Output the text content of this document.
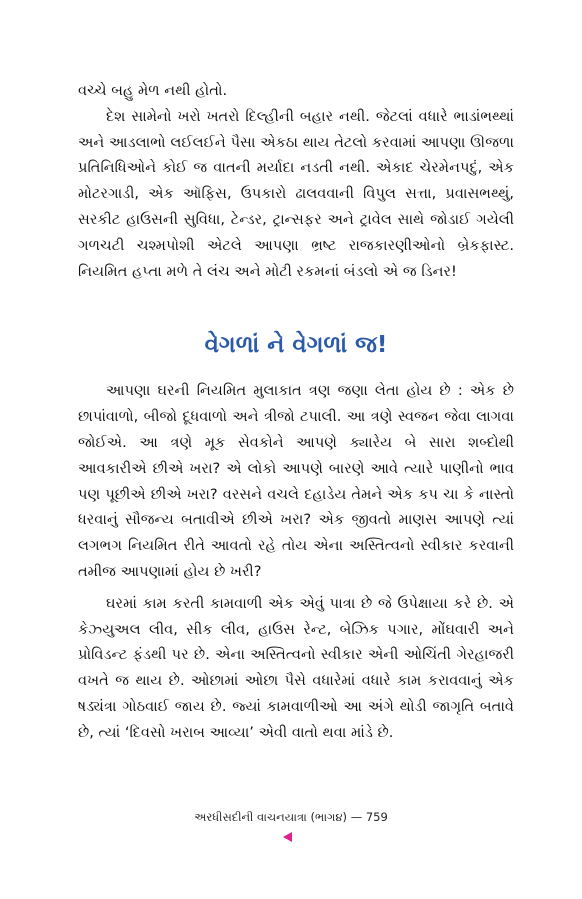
વચ્ચે બહુ મેળ નથી હોતો.

દેશ સામેનો ખરો ખતરો દિલ્હીની બહાર નથી. જેટલાં વધારે ભાડાંભથ્થાં અને આડલાભો લઈલઈને પૈસા એકઠા થાય તેટલો કરવામાં આપણા ઊજળા પ્રતિનિધિઓને કોઈ જ વાતની મર્યાદા નડતી નથી. એકાદ ચેરમેનપદું, એક મોટરગાડી, એક ઑફિસ, ઉપકારો ઢાલવવાની વિપુલ સત્તા, પ્રવાસભથ્થું, સરકીટ હાઉસની સુવિધા, ટેન્ડર, ટ્રાન્સફર અને ટ્રાવેલ સાથે જોડાઈ ગયેલી ગળચટી ચશ્મપોશી એટલે આપણા ભ્રષ્ટ રાજકારણીઓનો બ્રેકફાસ્ટ. નિયમિત હપ્તા મળે તે લંચ અને મોટી રકમનાં બંડલો એ જ ડિનર!

વેગળાં ને વેગળાં જ!

આપણા ઘરની નિયમિત મુલાકાત ત્રણ જણા લેતા હોય છે : એક છે છાપાંવાળો, બીજો દૂધવાળો અને ત્રીજો ટપાલી. આ ત્રણે સ્વજન જેવા લાગવા જોઈએ. આ ત્રણે મૂક સેવકોને આપણે ક્યારેય બે સારા શબ્દોથી આવકારીએ છીએ ખરા? એ લોકો આપણે બારણે આવે ત્યારે પાણીનો ભાવ પણ પૂછીએ છીએ ખરા? વરસને વચલે દહાડેય તેમને એક કપ ચા કે નાસ્તો ધરવાનું સૌજન્ય બતાવીએ છીએ ખરા? એક જીવતો માણસ આપણે ત્યાં લગભગ નિયમિત રીતે આવતો રહે તોય એના અસ્તિત્વનો સ્વીકાર કરવાની તમીજ આપણામાં હોય છે ખરી?

ઘરમાં કામ કરતી કામવાળી એક એવું પાત્રા છે જે ઉપેક્ષાયા કરે છે. એ કેઝ્યુઅલ લીવ, સીક લીવ, હાઉસ રેન્ટ, બેઝિક પગાર, મોંઘવારી અને પ્રોવિડન્ટ ફંડથી પર છે. એના અસ્તિત્વનો સ્વીકાર એની ઓચિંતી ગેરહાજરી વખતે જ થાય છે. ઓછામાં ઓછા પૈસે વધારેમાં વધારે કામ કરાવવાનું એક ષડ્યંત્રા ગોઠવાઈ જાય છે. જ્યાં કામવાળીઓ આ અંગે થોડી જાગૃતિ બતાવે છે, ત્યાં ‘દિવસો ખરાબ આવ્યા’ એવી વાતો થવા માંડે છે.

અરધીસદીની વાચનયાત્રા (ભાગ૪) — 759
